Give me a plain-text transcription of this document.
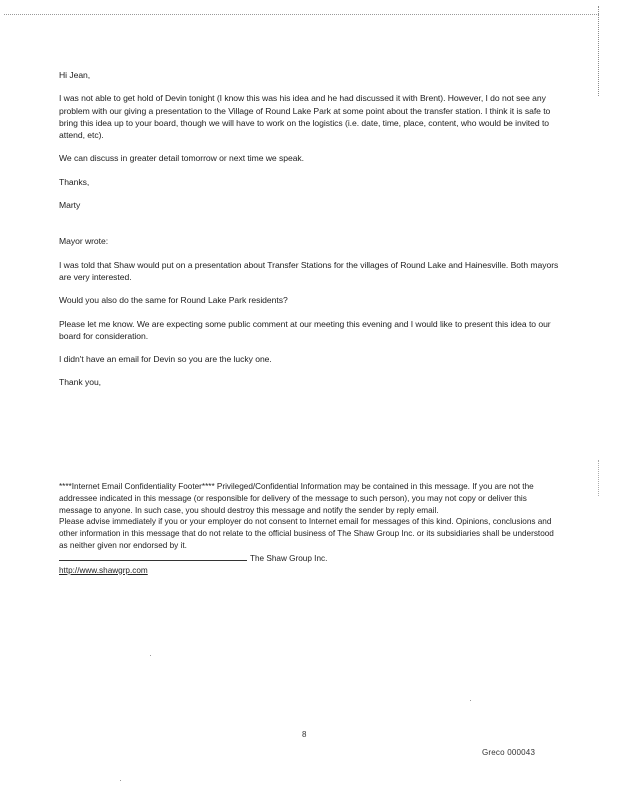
Hi Jean,

I was not able to get hold of Devin tonight (I know this was his idea and he had discussed it with Brent). However, I do not see any problem with our giving a presentation to the Village of Round Lake Park at some point about the transfer station. I think it is safe to bring this idea up to your board, though we will have to work on the logistics (i.e. date, time, place, content, who would be invited to attend, etc).

We can discuss in greater detail tomorrow or next time we speak.

Thanks,

Marty

Mayor wrote:

I was told that Shaw would put on a presentation about Transfer Stations for the villages of Round Lake and Hainesville. Both mayors are very interested.

Would you also do the same for Round Lake Park residents?

Please let me know. We are expecting some public comment at our meeting this evening and I would like to present this idea to our board for consideration.

I didn't have an email for Devin so you are the lucky one.

Thank you,

****Internet Email Confidentiality Footer**** Privileged/Confidential Information may be contained in this message. If you are not the addressee indicated in this message (or responsible for delivery of the message to such person), you may not copy or deliver this message to anyone. In such case, you should destroy this message and notify the sender by reply email.

Please advise immediately if you or your employer do not consent to Internet email for messages of this kind. Opinions, conclusions and other information in this message that do not relate to the official business of The Shaw Group Inc. or its subsidiaries shall be understood as neither given nor endorsed by it.

The Shaw Group Inc.

http://www.shawgrp.com

8
Greco 000043
